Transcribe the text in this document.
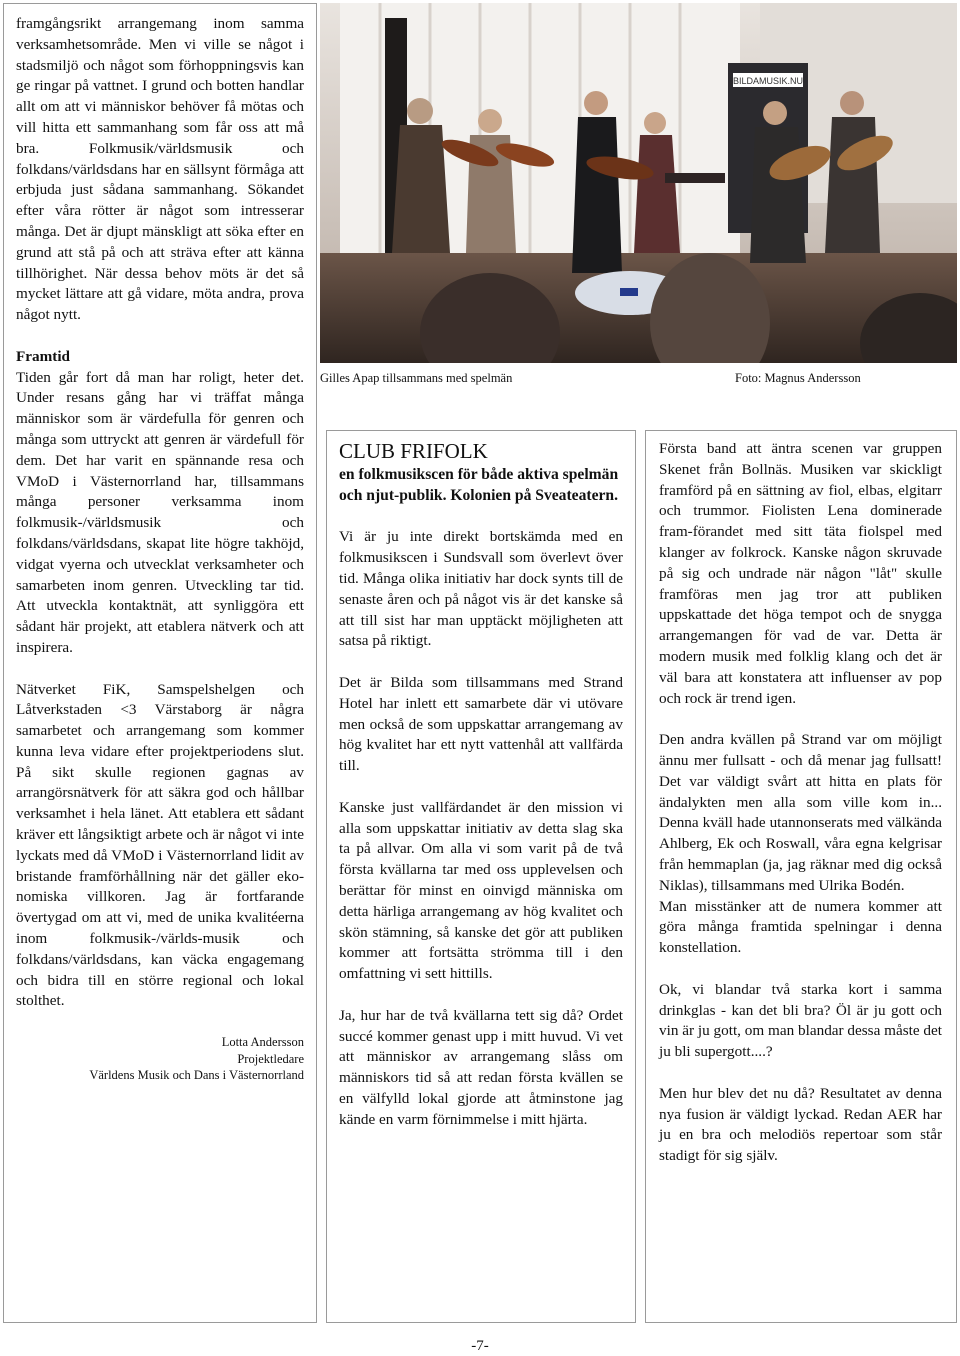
framgångsrikt arrangemang inom samma verksamhetsområde. Men vi ville se något i stadsmiljö och något som förhoppningsvis kan ge ringar på vattnet. I grund och botten handlar allt om att vi människor behöver få mötas och vill hitta ett sammanhang som får oss att må bra. Folkmusik/världsmusik och folkdans/världsdans har en sällsynt förmåga att erbjuda just sådana sammanhang. Sökandet efter våra rötter är något som intresserar många. Det är djupt mänskligt att söka efter en grund att stå på och att sträva efter att känna tillhörighet. När dessa behov möts är det så mycket lättare att gå vidare, möta andra, prova något nytt.

Framtid

Tiden går fort då man har roligt, heter det. Under resans gång har vi träffat många människor som är värdefulla för genren och många som uttryckt att genren är värdefull för dem. Det har varit en spännande resa och VMoD i Västernorrland har, tillsammans många personer verksamma inom folkmusik-/världsmusik och folkdans/världsdans, skapat lite högre takhöjd, vidgat vyerna och utvecklat verksamheter och samarbeten inom genren. Utveckling tar tid. Att utveckla kontaktnät, att synliggöra ett sådant här projekt, att etablera nätverk och att inspirera.

Nätverket FiK, Samspelshelgen och Låtverkstaden <3 Värstaborg är några samarbetet och arrangemang som kommer kunna leva vidare efter projektperiodens slut. På sikt skulle regionen gagnas av arrangörsnätverk för att säkra god och hållbar verksamhet i hela länet. Att etablera ett sådant kräver ett långsiktigt arbete och är något vi inte lyckats med då VMoD i Västernorrland lidit av bristande framförhållning när det gäller eko-nomiska villkoren. Jag är fortfarande övertygad om att vi, med de unika kvalitéerna inom folkmusik-/världs-musik och folkdans/världsdans, kan väcka engagemang och bidra till en större regional och lokal stolthet.

Lotta Andersson
Projektledare
Världens Musik och Dans i Västernorrland
BILDAMUSIK.NU
Gilles Apap tillsammans med spelmän	Foto: Magnus Andersson
CLUB FRIFOLK

en folkmusikscen för både aktiva spelmän och njut-publik. Kolonien på Sveateatern.

Vi är ju inte direkt bortskämda med en folkmusikscen i Sundsvall som överlevt över tid. Många olika initiativ har dock synts till de senaste åren och på något vis är det kanske så att till sist har man upptäckt möjligheten att satsa på riktigt.

Det är Bilda som tillsammans med Strand Hotel har inlett ett samarbete där vi utövare men också de som uppskattar arrangemang av hög kvalitet har ett nytt vattenhål att vallfärda till.

Kanske just vallfärdandet är den mission vi alla som uppskattar initiativ av detta slag ska ta på allvar. Om alla vi som varit på de två första kvällarna tar med oss upplevelsen och berättar för minst en oinvigd människa om detta härliga arrangemang av hög kvalitet och skön stämning, så kanske det gör att publiken kommer att fortsätta strömma till i den omfattning vi sett hittills.

Ja, hur har de två kvällarna tett sig då? Ordet succé kommer genast upp i mitt huvud. Vi vet att människor av arrangemang slåss om människors tid så att redan första kvällen se en välfylld lokal gjorde att åtminstone jag kände en varm förnimmelse i mitt hjärta.

Första band att äntra scenen var gruppen Skenet från Bollnäs. Musiken var skickligt framförd på en sättning av fiol, elbas, elgitarr och trummor. Fiolisten Lena dominerade fram-förandet med sitt täta fiolspel med klanger av folkrock. Kanske någon skruvade på sig och undrade när någon "låt" skulle framföras men jag tror att publiken uppskattade det höga tempot och de snygga arrangemangen för vad de var. Detta är modern musik med folklig klang och det är väl bara att konstatera att influenser av pop och rock är trend igen.

Den andra kvällen på Strand var om möjligt ännu mer fullsatt - och då menar jag fullsatt! Det var väldigt svårt att hitta en plats för ändalykten men alla som ville kom in... Denna kväll hade utannonserats med välkända Ahlberg, Ek och Roswall, våra egna kelgrisar från hemmaplan (ja, jag räknar med dig också Niklas), tillsammans med Ulrika Bodén.

Man misstänker att de numera kommer att göra många framtida spelningar i denna konstellation.

Ok, vi blandar två starka kort i samma drinkglas - kan det bli bra? Öl är ju gott och vin är ju gott, om man blandar dessa måste det ju bli supergott....?

Men hur blev det nu då? Resultatet av denna nya fusion är väldigt lyckad. Redan AER har ju en bra och melodiös repertoar som står stadigt för sig själv.

-7-
